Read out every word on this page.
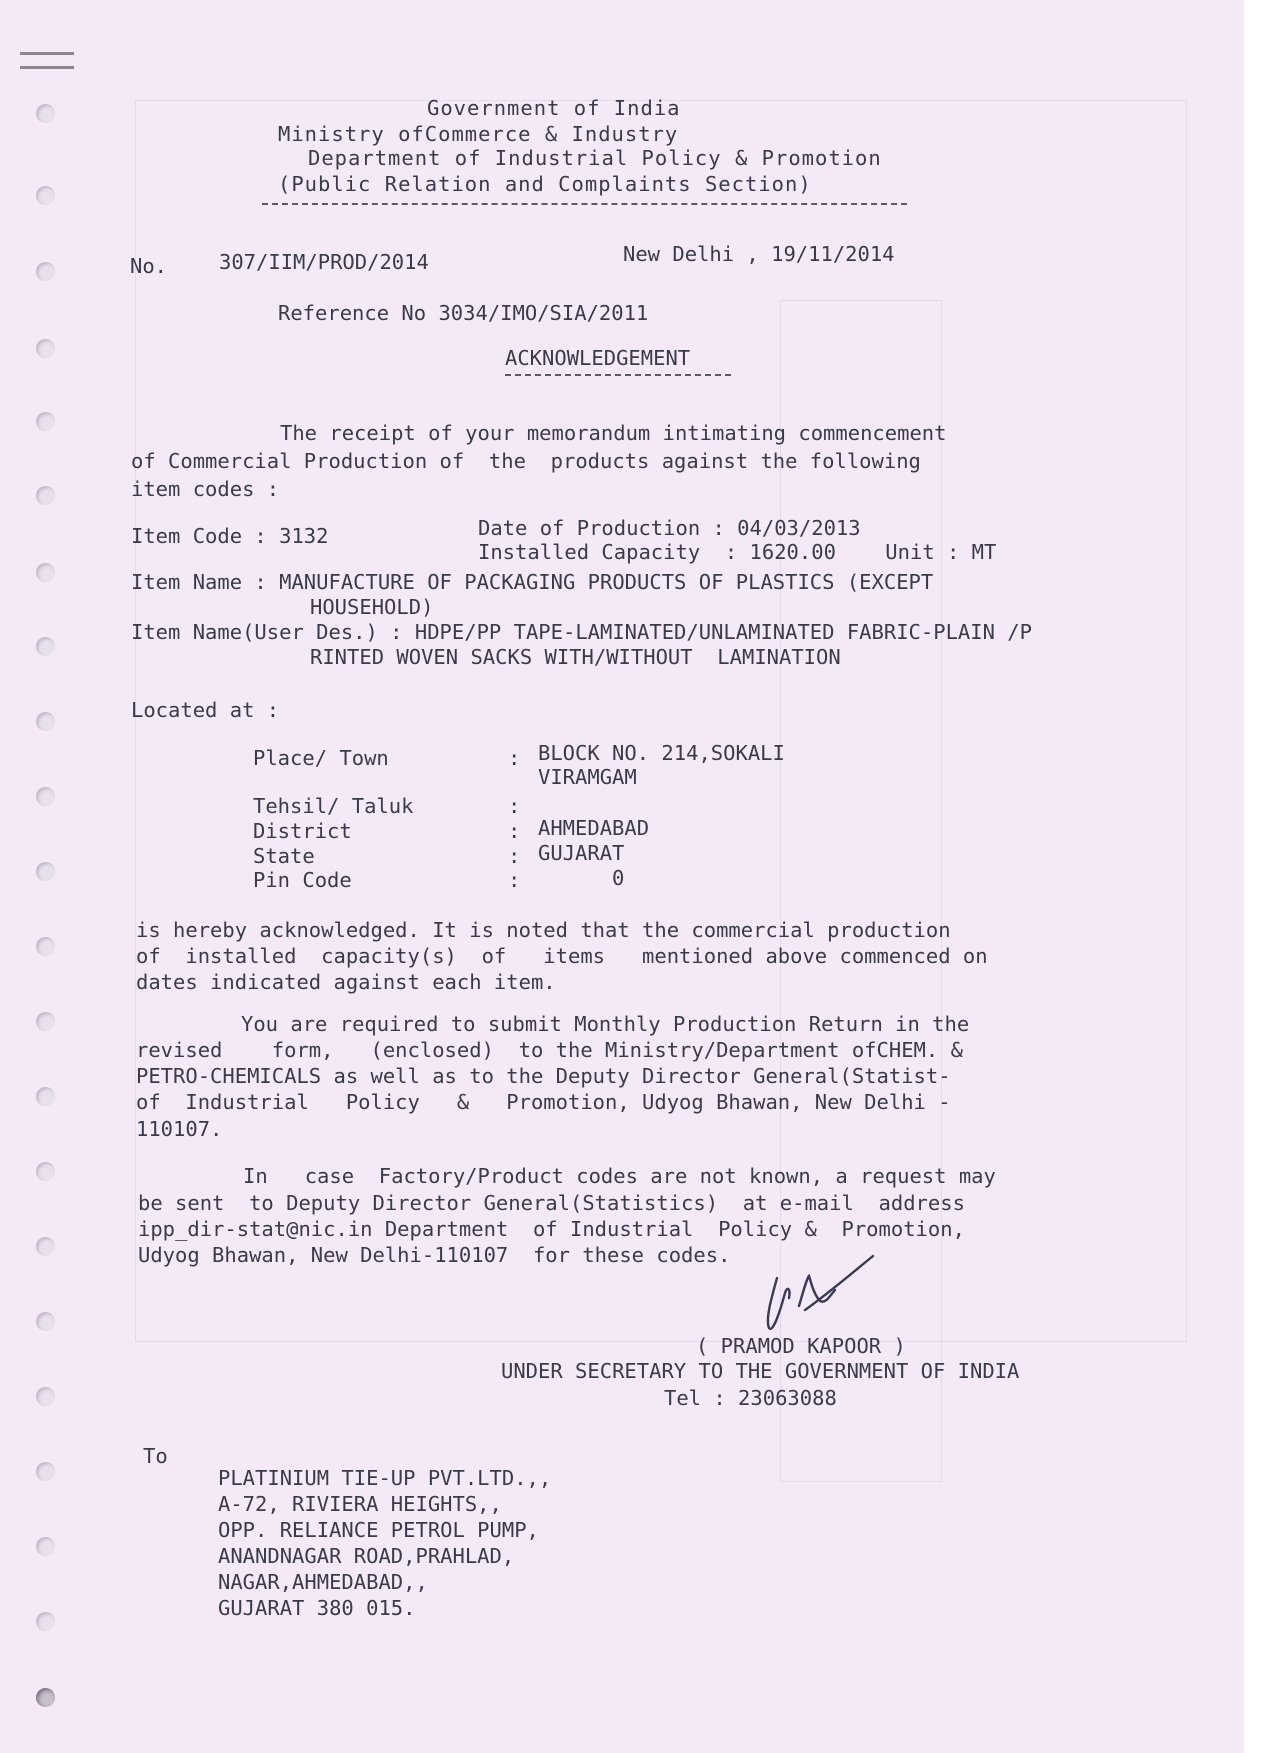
Government of India
Ministry ofCommerce & Industry
Department of Industrial Policy & Promotion
(Public Relation and Complaints Section)
No.	307/IIM/PROD/2014	New Delhi , 19/11/2014
Reference No 3034/IMO/SIA/2011
ACKNOWLEDGEMENT
The receipt of your memorandum intimating commencement
of Commercial Production of  the  products against the following
item codes :
Item Code : 3132	Date of Production : 04/03/2013
Installed Capacity  : 1620.00    Unit : MT
Item Name : MANUFACTURE OF PACKAGING PRODUCTS OF PLASTICS (EXCEPT
HOUSEHOLD)
Item Name(User Des.) : HDPE/PP TAPE-LAMINATED/UNLAMINATED FABRIC-PLAIN /P
RINTED WOVEN SACKS WITH/WITHOUT  LAMINATION
Located at :
Place/ Town	: BLOCK NO. 214,SOKALI
VIRAMGAM
Tehsil/ Taluk	:
District	: AHMEDABAD
State	: GUJARAT
Pin Code	:	0
is hereby acknowledged. It is noted that the commercial production
of  installed  capacity(s)  of   items   mentioned above commenced on
dates indicated against each item.
You are required to submit Monthly Production Return in the
revised    form,   (enclosed)  to the Ministry/Department ofCHEM. &
PETRO-CHEMICALS as well as to the Deputy Director General(Statist-
of  Industrial   Policy   &   Promotion, Udyog Bhawan, New Delhi -
110107.
In   case  Factory/Product codes are not known, a request may
be sent  to Deputy Director General(Statistics)  at e-mail  address
ipp_dir-stat@nic.in Department  of Industrial  Policy &  Promotion,
Udyog Bhawan, New Delhi-110107  for these codes.
( PRAMOD KAPOOR )
UNDER SECRETARY TO THE GOVERNMENT OF INDIA
Tel : 23063088
To
PLATINIUM TIE-UP PVT.LTD.,,
A-72, RIVIERA HEIGHTS,,
OPP. RELIANCE PETROL PUMP,
ANANDNAGAR ROAD,PRAHLAD,
NAGAR,AHMEDABAD,,
GUJARAT 380 015.
